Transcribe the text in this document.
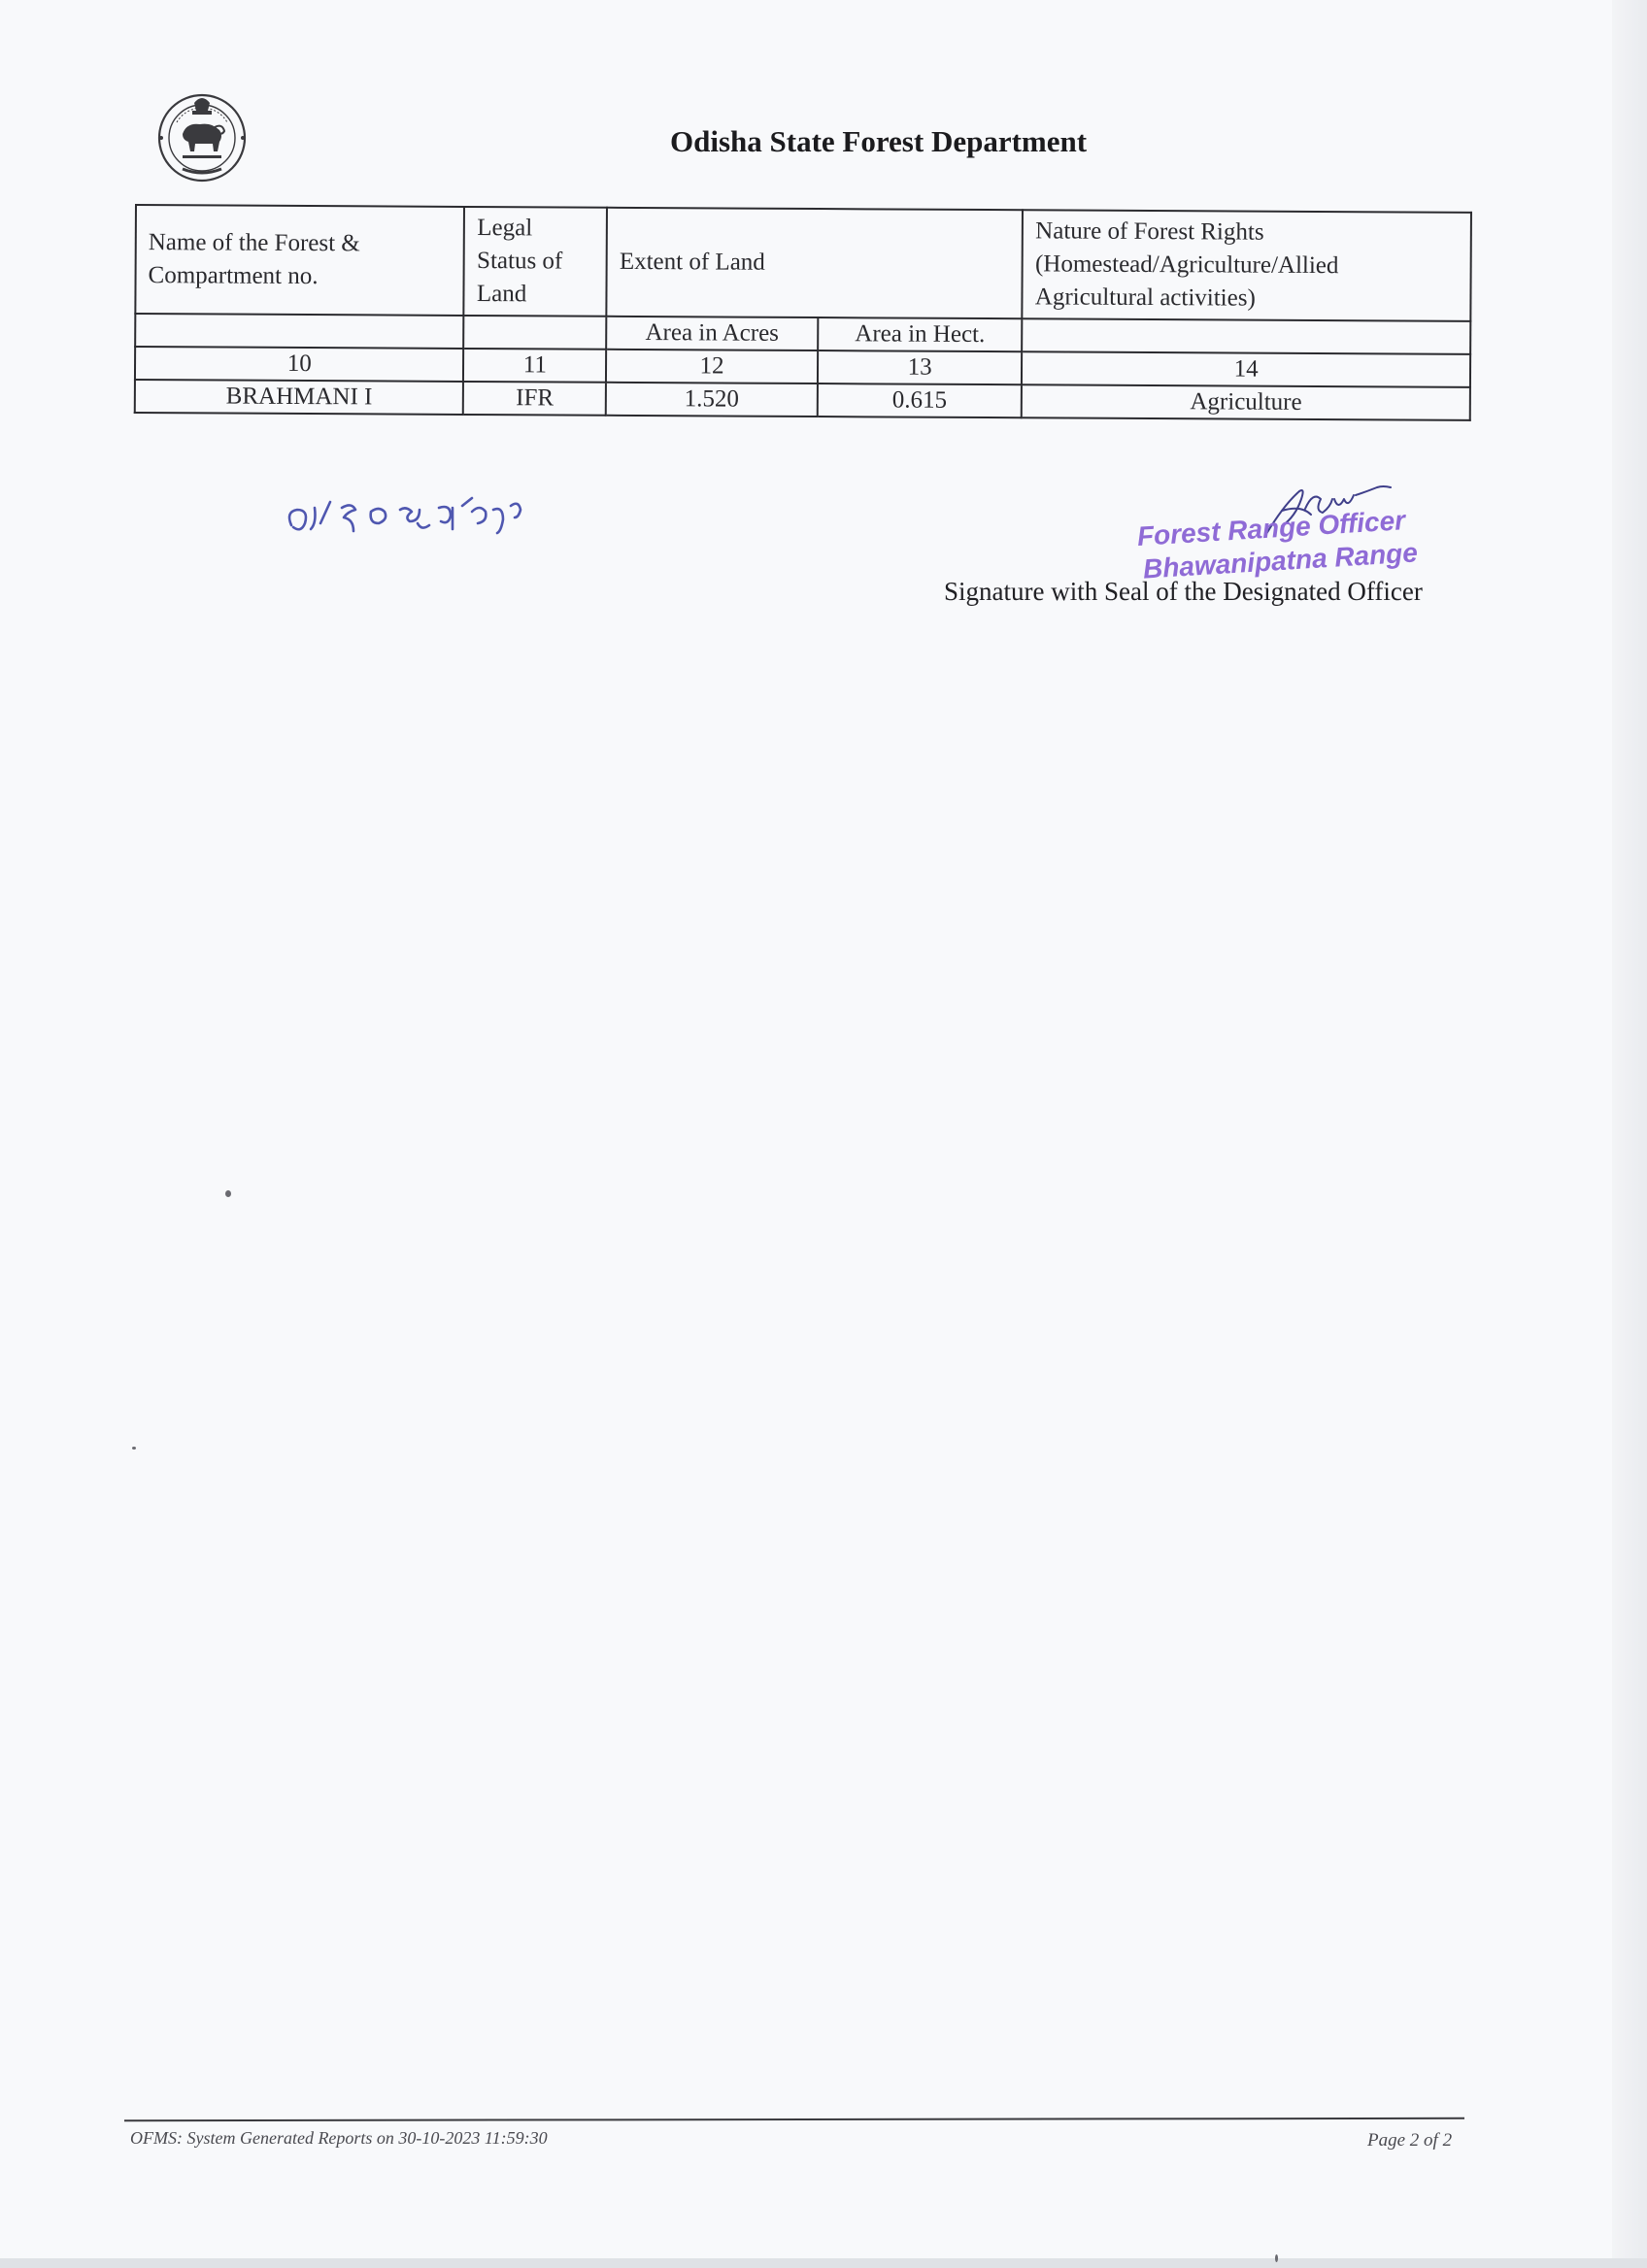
Odisha State Forest Department
Name of the Forest & Compartment no.	Legal Status of Land	Extent of Land		Nature of Forest Rights (Homestead/Agriculture/Allied Agricultural activities)
		Area in Acres	Area in Hect.	
10	11	12	13	14
BRAHMANI I	IFR	1.520	0.615	Agriculture
Forest Range Officer
Bhawanipatna Range
Signature with Seal of the Designated Officer
OFMS: System Generated Reports on 30-10-2023 11:59:30	Page 2 of 2
